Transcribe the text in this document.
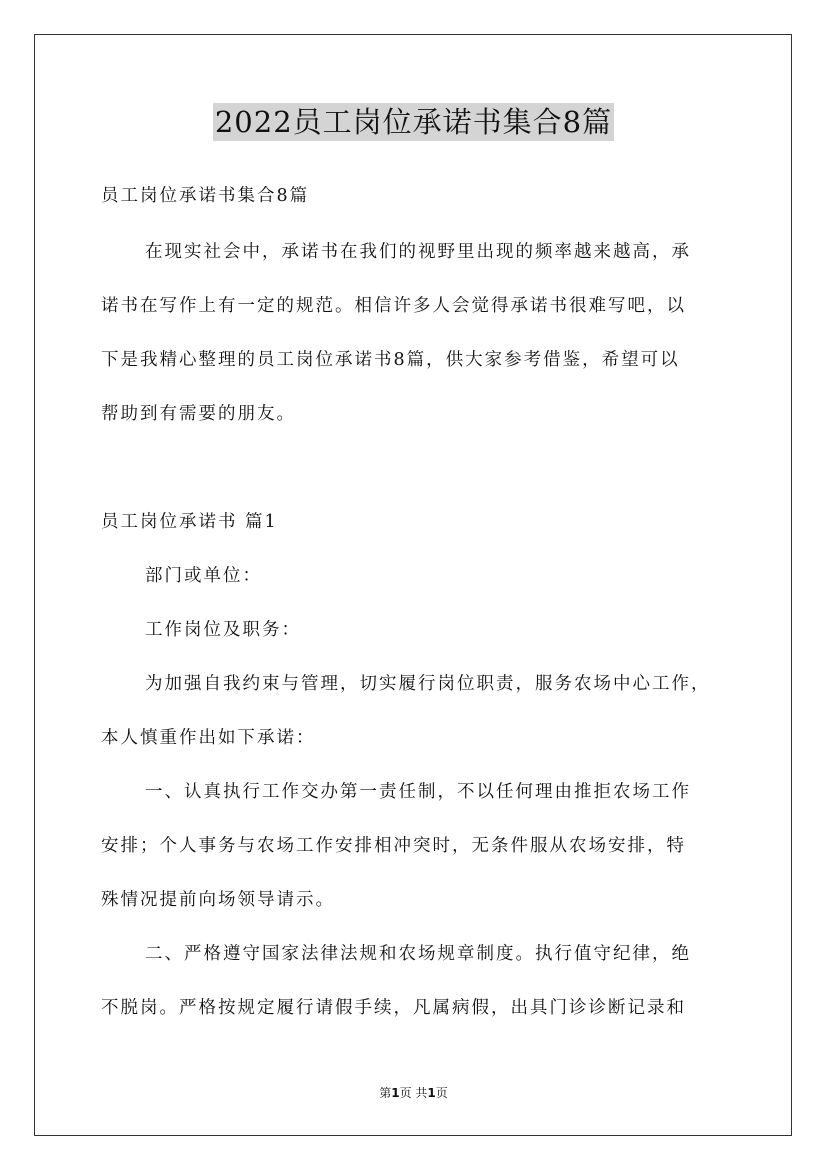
2022员工岗位承诺书集合8篇
员工岗位承诺书集合8篇
在现实社会中，承诺书在我们的视野里出现的频率越来越高，承
诺书在写作上有一定的规范。相信许多人会觉得承诺书很难写吧，以
下是我精心整理的员工岗位承诺书8篇，供大家参考借鉴，希望可以
帮助到有需要的朋友。
员工岗位承诺书 篇1
部门或单位：
工作岗位及职务：
为加强自我约束与管理，切实履行岗位职责，服务农场中心工作，
本人慎重作出如下承诺：
一、认真执行工作交办第一责任制，不以任何理由推拒农场工作
安排；个人事务与农场工作安排相冲突时，无条件服从农场安排，特
殊情况提前向场领导请示。
二、严格遵守国家法律法规和农场规章制度。执行值守纪律，绝
不脱岗。严格按规定履行请假手续，凡属病假，出具门诊诊断记录和
第1页 共1页
